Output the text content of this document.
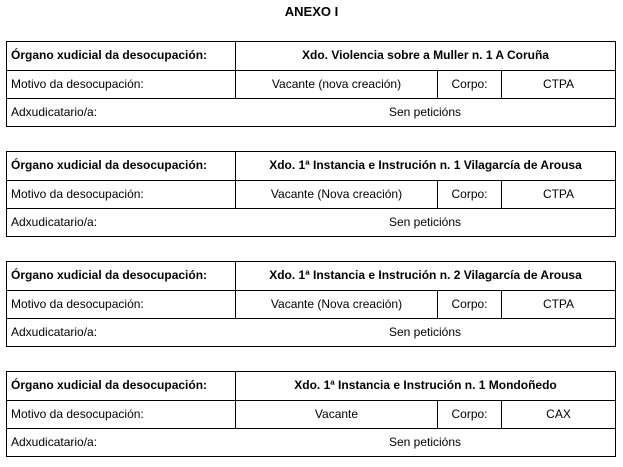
ANEXO I
Órgano xudicial da desocupación:	Xdo. Violencia sobre a Muller n. 1 A Coruña
Motivo da desocupación:	Vacante (nova creación)	Corpo:	CTPA
Adxudicatario/a:	Sen peticións
Órgano xudicial da desocupación:	Xdo. 1ª Instancia e Instrución n. 1 Vilagarcía de Arousa
Motivo da desocupación:	Vacante (Nova creación)	Corpo:	CTPA
Adxudicatario/a:	Sen peticións
Órgano xudicial da desocupación:	Xdo. 1ª Instancia e Instrución n. 2 Vilagarcía de Arousa
Motivo da desocupación:	Vacante (Nova creación)	Corpo:	CTPA
Adxudicatario/a:	Sen peticións
Órgano xudicial da desocupación:	Xdo. 1ª Instancia e Instrución n. 1 Mondoñedo
Motivo da desocupación:	Vacante	Corpo:	CAX
Adxudicatario/a:	Sen peticións
